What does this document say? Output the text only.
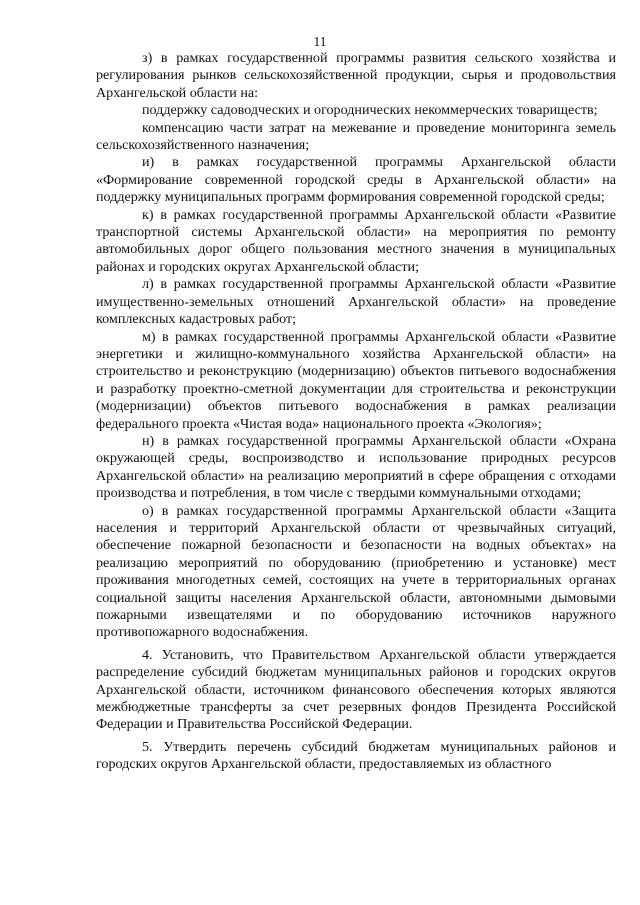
11

з) в рамках государственной программы развития сельского хозяйства и регулирования рынков сельскохозяйственной продукции, сырья и продовольствия Архангельской области на:

поддержку садоводческих и огороднических некоммерческих товариществ;

компенсацию части затрат на межевание и проведение мониторинга земель сельскохозяйственного назначения;

и) в рамках государственной программы Архангельской области «Формирование современной городской среды в Архангельской области» на поддержку муниципальных программ формирования современной городской среды;

к) в рамках государственной программы Архангельской области «Развитие транспортной системы Архангельской области» на мероприятия по ремонту автомобильных дорог общего пользования местного значения в муниципальных районах и городских округах Архангельской области;

л) в рамках государственной программы Архангельской области «Развитие имущественно-земельных отношений Архангельской области» на проведение комплексных кадастровых работ;

м) в рамках государственной программы Архангельской области «Развитие энергетики и жилищно-коммунального хозяйства Архангельской области» на строительство и реконструкцию (модернизацию) объектов питьевого водоснабжения и разработку проектно-сметной документации для строительства и реконструкции (модернизации) объектов питьевого водоснабжения в рамках реализации федерального проекта «Чистая вода» национального проекта «Экология»;

н) в рамках государственной программы Архангельской области «Охрана окружающей среды, воспроизводство и использование природных ресурсов Архангельской области» на реализацию мероприятий в сфере обращения с отходами производства и потребления, в том числе с твердыми коммунальными отходами;

о) в рамках государственной программы Архангельской области «Защита населения и территорий Архангельской области от чрезвычайных ситуаций, обеспечение пожарной безопасности и безопасности на водных объектах» на реализацию мероприятий по оборудованию (приобретению и установке) мест проживания многодетных семей, состоящих на учете в территориальных органах социальной защиты населения Архангельской области, автономными дымовыми пожарными извещателями и по оборудованию источников наружного противопожарного водоснабжения.

4. Установить, что Правительством Архангельской области утверждается распределение субсидий бюджетам муниципальных районов и городских округов Архангельской области, источником финансового обеспечения которых являются межбюджетные трансферты за счет резервных фондов Президента Российской Федерации и Правительства Российской Федерации.

5. Утвердить перечень субсидий бюджетам муниципальных районов и городских округов Архангельской области, предоставляемых из областного
